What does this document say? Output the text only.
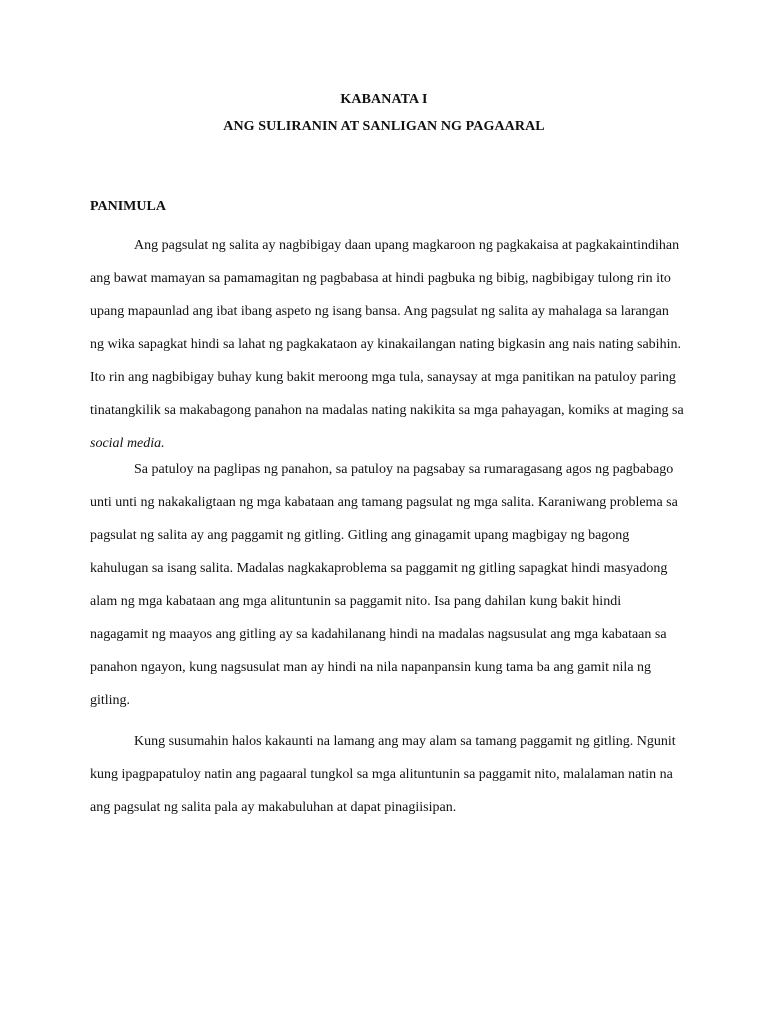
KABANATA I
ANG SULIRANIN AT SANLIGAN NG PAGAARAL
PANIMULA
Ang pagsulat ng salita ay nagbibigay daan upang magkaroon ng pagkakaisa at pagkakaintindihan
ang bawat mamayan sa pamamagitan ng pagbabasa at hindi pagbuka ng bibig, nagbibigay tulong rin ito
upang mapaunlad ang ibat ibang aspeto ng isang bansa. Ang pagsulat ng salita ay mahalaga sa larangan
ng wika sapagkat hindi sa lahat ng pagkakataon ay kinakailangan nating bigkasin ang nais nating sabihin.
Ito rin ang nagbibigay buhay kung bakit meroong mga tula, sanaysay at mga panitikan na patuloy paring
tinatangkilik sa makabagong panahon na madalas nating nakikita sa mga pahayagan, komiks at maging sa
social media.
Sa patuloy na paglipas ng panahon, sa patuloy na pagsabay sa rumaragasang agos ng pagbabago
unti unti ng nakakaligtaan ng mga kabataan ang tamang pagsulat ng mga salita. Karaniwang problema sa
pagsulat ng salita ay ang paggamit ng gitling. Gitling ang ginagamit upang magbigay ng bagong
kahulugan sa isang salita. Madalas nagkakaproblema sa paggamit ng gitling sapagkat hindi masyadong
alam ng mga kabataan ang mga alituntunin sa paggamit nito. Isa pang dahilan kung bakit hindi
nagagamit ng maayos ang gitling ay sa kadahilanang hindi na madalas nagsusulat ang mga kabataan sa
panahon ngayon, kung nagsusulat man ay hindi na nila napanpansin kung tama ba ang gamit nila ng
gitling.
Kung susumahin halos kakaunti na lamang ang may alam sa tamang paggamit ng gitling. Ngunit
kung ipagpapatuloy natin ang pagaaral tungkol sa mga alituntunin sa paggamit nito, malalaman natin na
ang pagsulat ng salita pala ay makabuluhan at dapat pinagiisipan.
